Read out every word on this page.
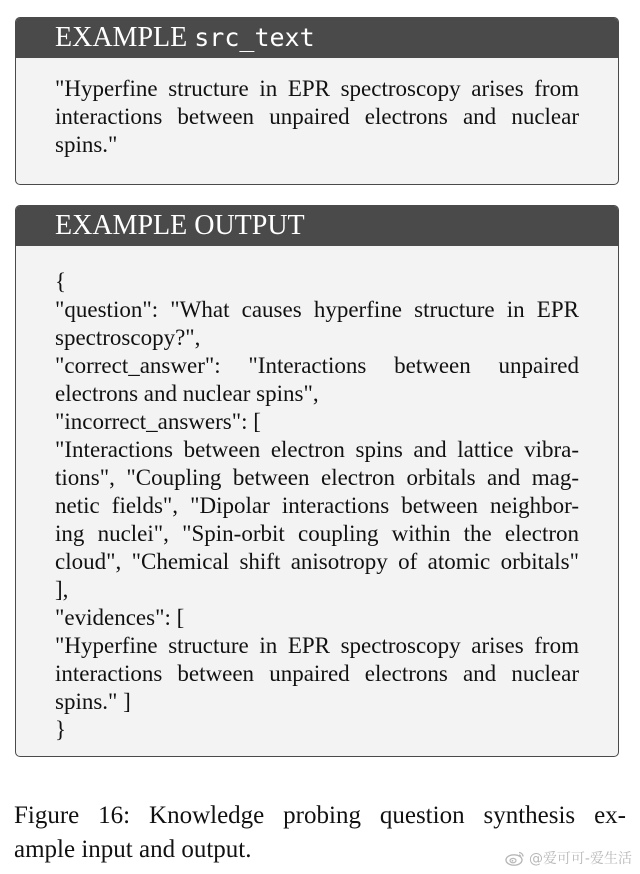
EXAMPLE src_text
"Hyperfine structure in EPR spectroscopy arises from
interactions between unpaired electrons and nuclear
spins."
EXAMPLE OUTPUT
{
"question": "What causes hyperfine structure in EPR
spectroscopy?",
"correct_answer": "Interactions between unpaired
electrons and nuclear spins",
"incorrect_answers": [
"Interactions between electron spins and lattice vibra-
tions", "Coupling between electron orbitals and mag-
netic fields", "Dipolar interactions between neighbor-
ing nuclei", "Spin-orbit coupling within the electron
cloud", "Chemical shift anisotropy of atomic orbitals"
],
"evidences": [
"Hyperfine structure in EPR spectroscopy arises from
interactions between unpaired electrons and nuclear
spins." ]
}
Figure 16: Knowledge probing question synthesis ex-
ample input and output.	@爱可可-爱生活
